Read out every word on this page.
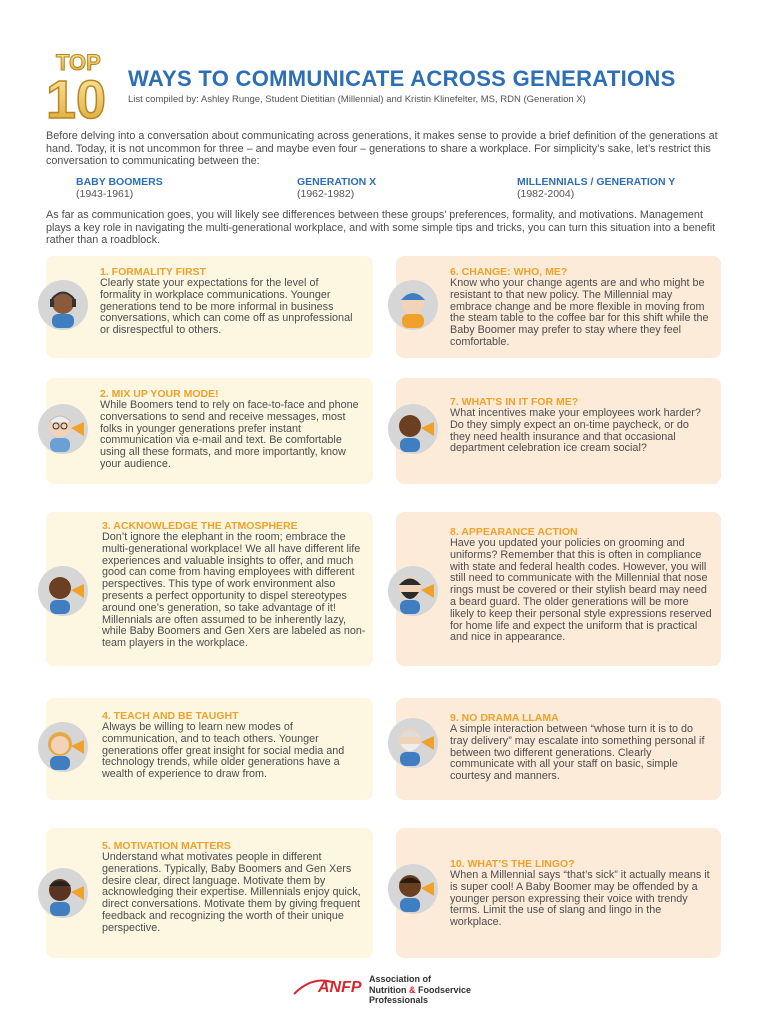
TOP
10 WAYS TO COMMUNICATE ACROSS GENERATIONS
List compiled by: Ashley Runge, Student Dietitian (Millennial) and Kristin Klinefelter, MS, RDN (Generation X)
Before delving into a conversation about communicating across generations, it makes sense to provide a brief definition of the generations at hand. Today, it is not uncommon for three – and maybe even four – generations to share a workplace. For simplicity’s sake, let’s restrict this conversation to communicating between the:
BABY BOOMERS
(1943-1961)
GENERATION X
(1962-1982)
MILLENNIALS / GENERATION Y
(1982-2004)
As far as communication goes, you will likely see differences between these groups’ preferences, formality, and motivations. Management plays a key role in navigating the multi-generational workplace, and with some simple tips and tricks, you can turn this situation into a benefit rather than a roadblock.
1. FORMALITY FIRST
Clearly state your expectations for the level of formality in workplace communications. Younger generations tend to be more informal in business conversations, which can come off as unprofessional or disrespectful to others.
2. MIX UP YOUR MODE!
While Boomers tend to rely on face-to-face and phone conversations to send and receive messages, most folks in younger generations prefer instant communication via e-mail and text. Be comfortable using all these formats, and more importantly, know your audience.
3. ACKNOWLEDGE THE ATMOSPHERE
Don’t ignore the elephant in the room; embrace the multi-generational workplace! We all have different life experiences and valuable insights to offer, and much good can come from having employees with different perspectives. This type of work environment also presents a perfect opportunity to dispel stereotypes around one’s generation, so take advantage of it! Millennials are often assumed to be inherently lazy, while Baby Boomers and Gen Xers are labeled as non-team players in the workplace.
4. TEACH AND BE TAUGHT
Always be willing to learn new modes of communication, and to teach others. Younger generations offer great insight for social media and technology trends, while older generations have a wealth of experience to draw from.
5. MOTIVATION MATTERS
Understand what motivates people in different generations. Typically, Baby Boomers and Gen Xers desire clear, direct language. Motivate them by acknowledging their expertise. Millennials enjoy quick, direct conversations. Motivate them by giving frequent feedback and recognizing the worth of their unique perspective.
6. CHANGE: WHO, ME?
Know who your change agents are and who might be resistant to that new policy. The Millennial may embrace change and be more flexible in moving from the steam table to the coffee bar for this shift while the Baby Boomer may prefer to stay where they feel comfortable.
7. WHAT’S IN IT FOR ME?
What incentives make your employees work harder? Do they simply expect an on-time paycheck, or do they need health insurance and that occasional department celebration ice cream social?
8. APPEARANCE ACTION
Have you updated your policies on grooming and uniforms? Remember that this is often in compliance with state and federal health codes. However, you will still need to communicate with the Millennial that nose rings must be covered or their stylish beard may need a beard guard. The older generations will be more likely to keep their personal style expressions reserved for home life and expect the uniform that is practical and nice in appearance.
9. NO DRAMA LLAMA
A simple interaction between “whose turn it is to do tray delivery” may escalate into something personal if between two different generations. Clearly communicate with all your staff on basic, simple courtesy and manners.
10. WHAT’S THE LINGO?
When a Millennial says “that’s sick” it actually means it is super cool! A Baby Boomer may be offended by a younger person expressing their voice with trendy terms. Limit the use of slang and lingo in the workplace.
ANFP Association of
Nutrition & Foodservice
Professionals
